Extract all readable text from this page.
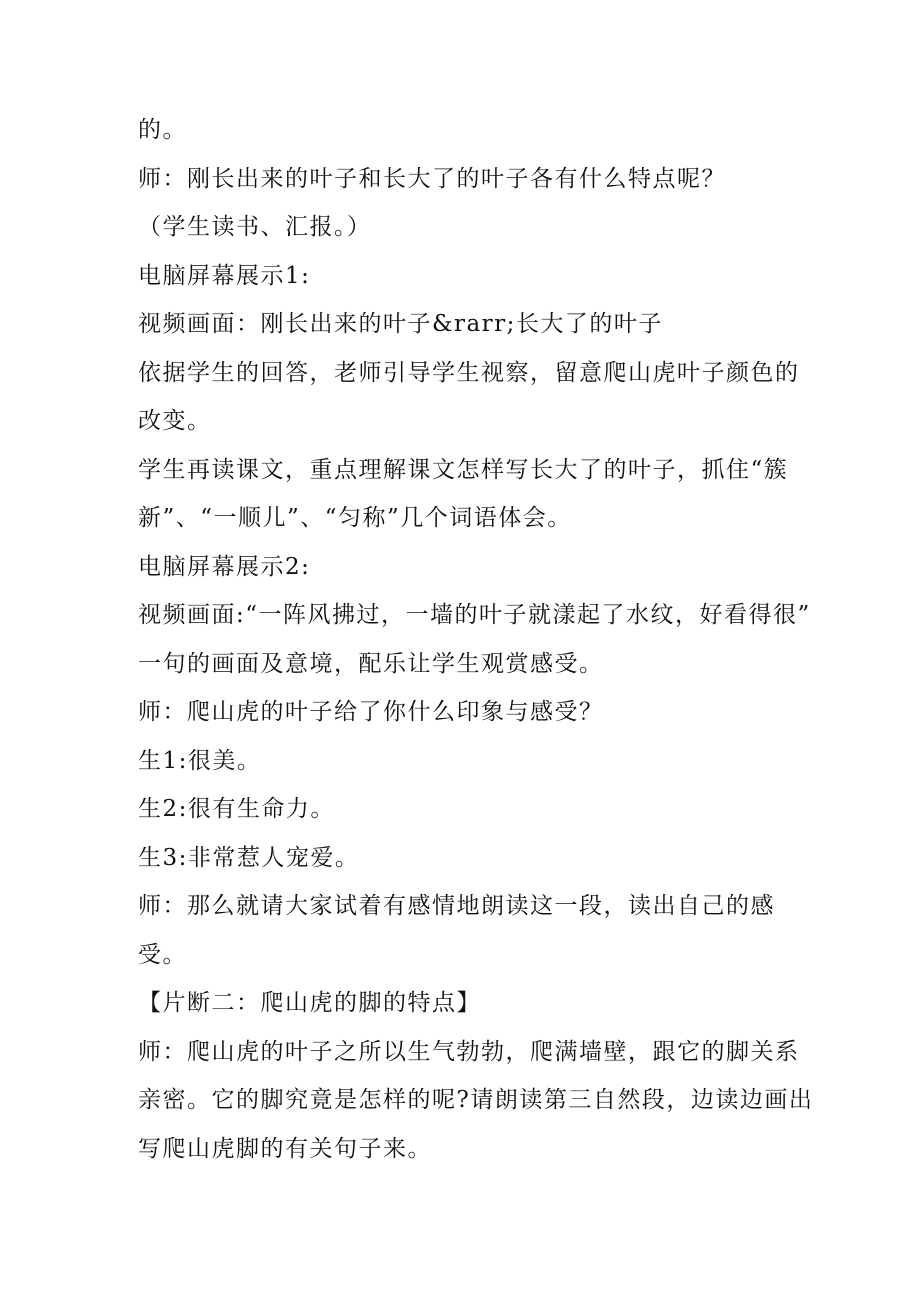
的。
师：刚长出来的叶子和长大了的叶子各有什么特点呢？
（学生读书、汇报。）
电脑屏幕展示1:
视频画面：刚长出来的叶子&rarr;长大了的叶子
依据学生的回答，老师引导学生视察，留意爬山虎叶子颜色的
改变。
学生再读课文，重点理解课文怎样写长大了的叶子，抓住“簇
新”、“一顺儿”、“匀称”几个词语体会。
电脑屏幕展示2:
视频画面:“一阵风拂过，一墙的叶子就漾起了水纹，好看得很”
一句的画面及意境，配乐让学生观赏感受。
师：爬山虎的叶子给了你什么印象与感受？
生1:很美。
生2:很有生命力。
生3:非常惹人宠爱。
师：那么就请大家试着有感情地朗读这一段，读出自己的感
受。
【片断二：爬山虎的脚的特点】
师：爬山虎的叶子之所以生气勃勃，爬满墙壁，跟它的脚关系
亲密。它的脚究竟是怎样的呢?请朗读第三自然段，边读边画出
写爬山虎脚的有关句子来。
